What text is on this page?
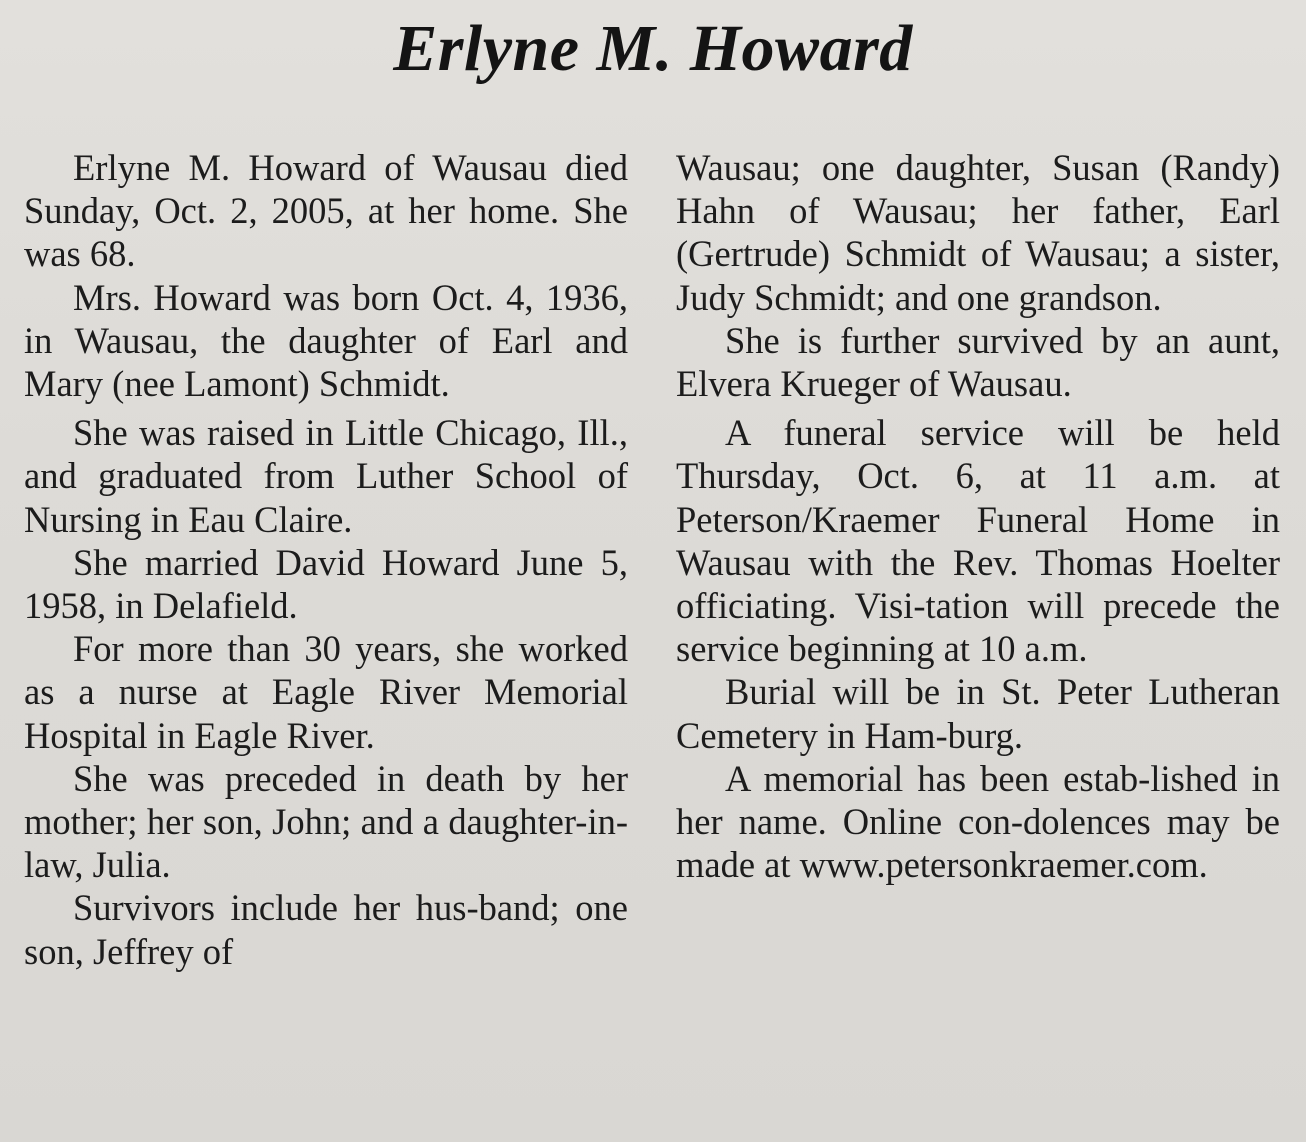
Erlyne M. Howard

Erlyne M. Howard of Wausau died Sunday, Oct. 2, 2005, at her home. She was 68.

Mrs. Howard was born Oct. 4, 1936, in Wausau, the daughter of Earl and Mary (nee Lamont) Schmidt.

She was raised in Little Chicago, Ill., and graduated from Luther School of Nursing in Eau Claire.

She married David Howard June 5, 1958, in Delafield.

For more than 30 years, she worked as a nurse at Eagle River Memorial Hospital in Eagle River.

She was preceded in death by her mother; her son, John; and a daughter-in-law, Julia.

Survivors include her hus-band; one son, Jeffrey of

Wausau; one daughter, Susan (Randy) Hahn of Wausau; her father, Earl (Gertrude) Schmidt of Wausau; a sister, Judy Schmidt; and one grandson.

She is further survived by an aunt, Elvera Krueger of Wausau.

A funeral service will be held Thursday, Oct. 6, at 11 a.m. at Peterson/Kraemer Funeral Home in Wausau with the Rev. Thomas Hoelter officiating. Visi-tation will precede the service beginning at 10 a.m.

Burial will be in St. Peter Lutheran Cemetery in Ham-burg.

A memorial has been estab-lished in her name. Online con-dolences may be made at www.petersonkraemer.com.
